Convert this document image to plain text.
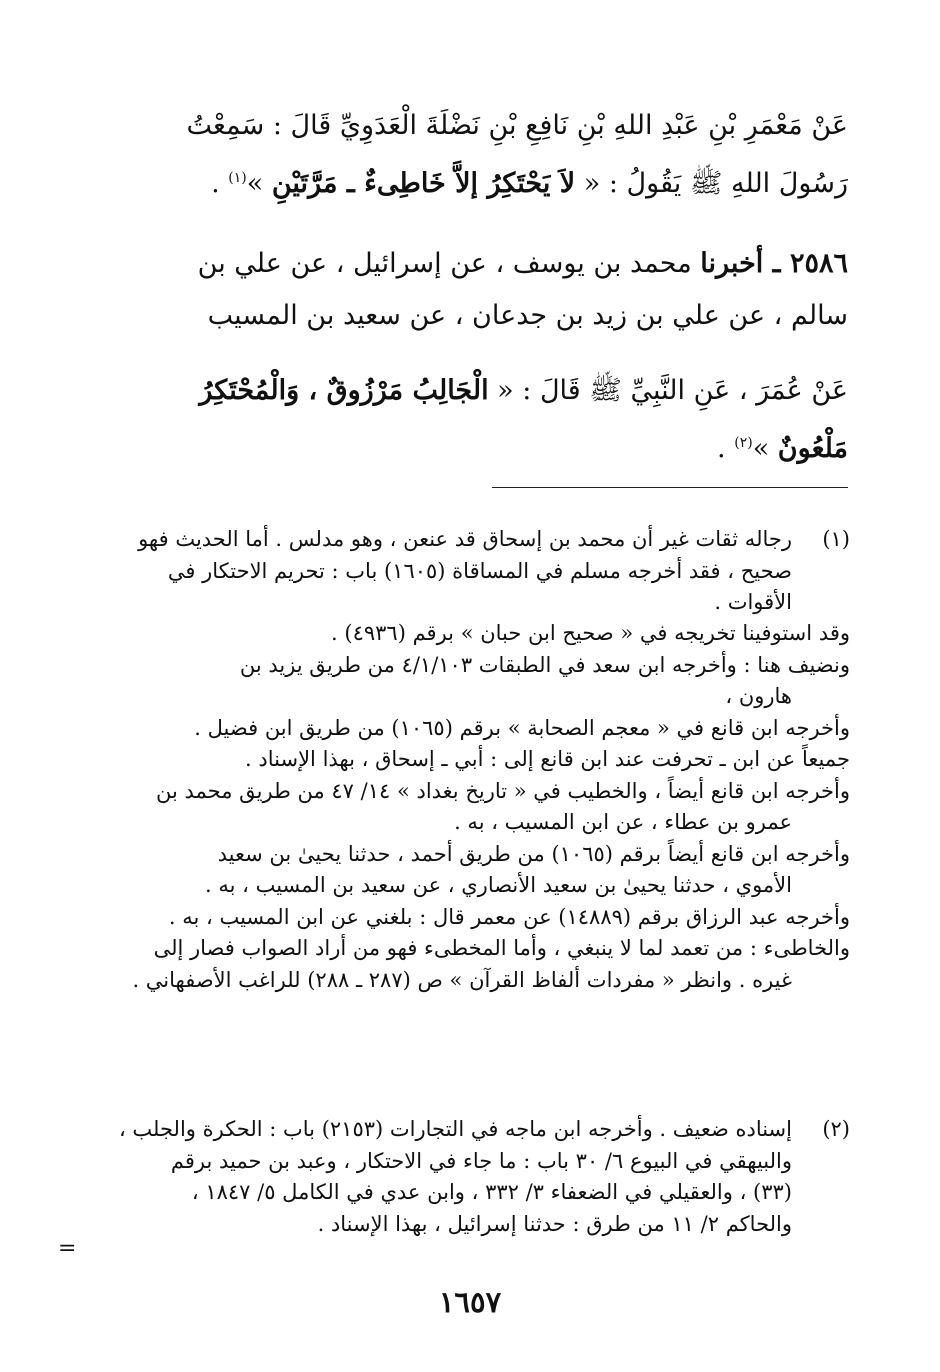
عَنْ مَعْمَرِ بْنِ عَبْدِ اللهِ بْنِ نَافِعِ بْنِ نَضْلَةَ الْعَدَوِيِّ قَالَ : سَمِعْتُ
رَسُولَ اللهِ ﷺ يَقُولُ : « لاَ يَحْتَكِرُ إلاَّ خَاطِىءٌ ـ مَرَّتَيْنِ »$^{(١)}$ .
٢٥٨٦ ـ أخبرنا محمد بن يوسف ، عن إسرائيل ، عن علي بن
سالم ، عن علي بن زيد بن جدعان ، عن سعيد بن المسيب
عَنْ عُمَرَ ، عَنِ النَّبِيِّ ﷺ قَالَ : « الْجَالِبُ مَرْزُوقٌ ، وَالْمُحْتَكِرُ
مَلْعُونٌ »$^{(٢)}$ .
(١)
رجاله ثقات غير أن محمد بن إسحاق قد عنعن ، وهو مدلس . أما الحديث فهو
صحيح ، فقد أخرجه مسلم في المساقاة (١٦٠٥) باب : تحريم الاحتكار في
الأقوات .
وقد استوفينا تخريجه في « صحيح ابن حبان » برقم (٤٩٣٦) .
ونضيف هنا : وأخرجه ابن سعد في الطبقات ٤/١/١٠٣ من طريق يزيد بن
هارون ،
وأخرجه ابن قانع في « معجم الصحابة » برقم (١٠٦٥) من طريق ابن فضيل .
جميعاً عن ابن ـ تحرفت عند ابن قانع إلى : أبي ـ إسحاق ، بهذا الإسناد .
وأخرجه ابن قانع أيضاً ، والخطيب في « تاريخ بغداد » ١٤/ ٤٧ من طريق محمد بن
عمرو بن عطاء ، عن ابن المسيب ، به .
وأخرجه ابن قانع أيضاً برقم (١٠٦٥) من طريق أحمد ، حدثنا يحيىٰ بن سعيد
الأموي ، حدثنا يحيىٰ بن سعيد الأنصاري ، عن سعيد بن المسيب ، به .
وأخرجه عبد الرزاق برقم (١٤٨٨٩) عن معمر قال : بلغني عن ابن المسيب ، به .
والخاطىء : من تعمد لما لا ينبغي ، وأما المخطىء فهو من أراد الصواب فصار إلى
غيره . وانظر « مفردات ألفاظ القرآن » ص (٢٨٧ ـ ٢٨٨) للراغب الأصفهاني .
(٢)
إسناده ضعيف . وأخرجه ابن ماجه في التجارات (٢١٥٣) باب : الحكرة والجلب ،
والبيهقي في البيوع ٦/ ٣٠ باب : ما جاء في الاحتكار ، وعبد بن حميد برقم
(٣٣) ، والعقيلي في الضعفاء ٣/ ٣٣٢ ، وابن عدي في الكامل ٥/ ١٨٤٧ ،
والحاكم ٢/ ١١ من طرق : حدثنا إسرائيل ، بهذا الإسناد .
=
١٦٥٧
